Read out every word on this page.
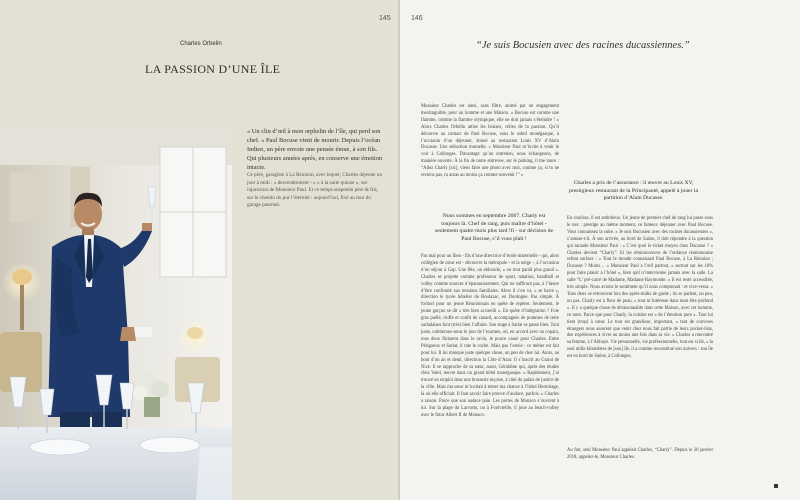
145
Charles Orbelin
LA PASSION D’UNE ÎLE
« Un clin d’œil à mon orphelin de l’île, qui perd son chef. » Paul Bocuse vient de mourir. Depuis l’océan Indien, un père envoie une pensée émue, à son fils. Qui plusieurs années après, en conserve une émotion intacte.
Ce père, garagiste à La Réunion, avec lequel, Charles déjeune un jour à midi : « descendrement - » « à la suite quinze », sur injonction de Monsieur Paul. Et ce temps suspendu père & fils, sur le chemin du pur l’éternité : aujourd’hui, fixé au mur du garage paternel.
146
“Je suis Bocusien avec des racines ducassiennes.”
Monsieur Charles est ainsi, sans filtre, animé par un engagement inextinguible, pour un homme et une Maison. « Bocuse est comme une flamme, comme la flamme olympique, elle ne doit jamais s’éteindre ! » Alors Charles Orbelin attise les braises, celles de la passion. Qu’il découvre au contact de Paul Bocuse, sous le soleil monégasque, à l’occasion d’un déjeuner, donné au restaurant Louis XV d’Alain Ducasse. Une séduction mutuelle. « Monsieur Paul m’invite à venir le voir à Collonges. Davantage qu’un entretien, nous échangeons, de manière ouverte. À la fin de notre entrevue, sur le parking, il me lance : “Allez Charly [sic], viens faire une photo avec moi, comme ça, si tu ne reviens pas, tu auras au moins ça comme souvenir !” »
Nous sommes en septembre 2007. Charly est toujours là. Chef de rang, puis maître d’hôtel - seulement quatre mois plus tard !fi - sur décision de Paul Bocuse, s’il vous plaît !
Pas mal pour un îlien - fils d’une directrice d’école maternelle - qui, alors collégien de cœur est - découvre la métropole - et la neige -, à l’occasion d’un séjour à Gap. Une fête, un eldorado, « ou tout paraît plus grand ». Charles se projette comme professeur de sport, natation, handball et volley comme sources d’épanouissement. Qui ne suffiront pas, à l’heure d’être confronté aux tensions familiales. Alors il s’en va, « se barre », direction le lycée hôtelier de Boulazac, en Dordogne. Pas simple. À fortiori pour un jeune Réunionnais en quête de repères. Seulement, le jeune garçon se dit « très bien accueilli ». En quête d’intégration ? Foie gras poêlé, truffe et confit de canard, accompagnés de pommes de terre sarladaises font (très) bien l’affaire. Son stage à Sarlat se passe bien. Tout juste, oublierons-nous le jour de l’examen, où, en accord avec un copain, tous deux finissent dans le ravin, le pouce cassé pour Charles. Entre Périgueux et Sarlat, il rate le coche. Mais pas l’envie : ce métier est fait pour lui. Il lui manque juste quelque chose, un peu de cher lui. Alors, au bout d’un an et demi, direction la Côte d’Azur. Il s’inscrit au Grand de Nice. Il se rapproche de sa sœur, aussi, Géraldine qui, après des études chez Vatel, œuvre dans un grand hôtel monégasque. « Rapidement, j’ai trouvé un emploi dans une brasserie niçoise, à côté du palais de justice de la ville. Mais ma sœur m’incitait à tenter ma chance à l’hôtel Hermitage, là où elle officiait. Il faut savoir faire preuve d’audace, parfois. » Charles a raison. Parce que son audace paie. Les portes de Monaco s’ouvrent à lui. Sur la plage du Larvotto, ou à Fontvieille, il joue au beach-volley avec le futur Albert II de Monaco.
Charles a pris de l’assurance : il œuvre au Louis XV, prestigieux restaurant de la Principauté, appelé à jouer la partition d’Alain Ducasse.
En coulisse, il est ambitieux. Un jeune de premier chef de rang lui passe sous le nez : prestige au même moment, ce fameux déjeuner avec Paul Bocuse. Vous connaissez la suite. « Je suis Bocusien avec des racines ducassiennes », s’amuse-t-il. À son arrivée, au bord de Saône, il doit répondre à la question qui taraude Monsieur Paul : « C’est quoi le ticket moyen chez Ducasse ? » Charles devient “Charly”. Et les réminiscences de l’enfance réunionnaise refont surface : « Tout le monde connaissait Paul Bocuse, à La Réunion ; Ducasse ? Moins… » Monsieur Paul a l’œil partout, « surtout sur les 10% pour faire plaisir à l’hôtel », bien quil n’intervienne jamais avec la salle. La salle “L’ pré-carré de Madame, Madame Raymonde. » Il est resté accessible, très simple. Nous avions le sentiment qu’il nous comprenait : et vice-versa. » Tous deux se retrouvent lors des après-midis de garde ; ils se parlent, un peu, ou pas. Charly est à fleur de peau, « tout m’intéresse dans mon être profond ». Il y a quelque chose de déraisonnable dans cette Maison, avec cet homme, ce nom. Parce que pour Charly, la cuisine est « de l’émotion pure ». Tout lui tient (trop) à cœur. Le tout est grandiose, important, « tant de convives étrangers nous assurent que venir chez nous fait partie de leurs pocket-lists, des expériences à vivre au moins une fois dans sa vie. » Charles a rencontré sa femme, à l’Abbaye. Vie personnelle, vie professionnelle, tout est si lié, « la seul mille kilomètres de [son] île, il a comme reconstitué son univers : son île est en bord de Saône, à Collonges.
Au fait, seul Monsieur Paul appelait Charles, “Charly”. Depuis le 20 janvier 2018, appelez-le, Monsieur Charles.
